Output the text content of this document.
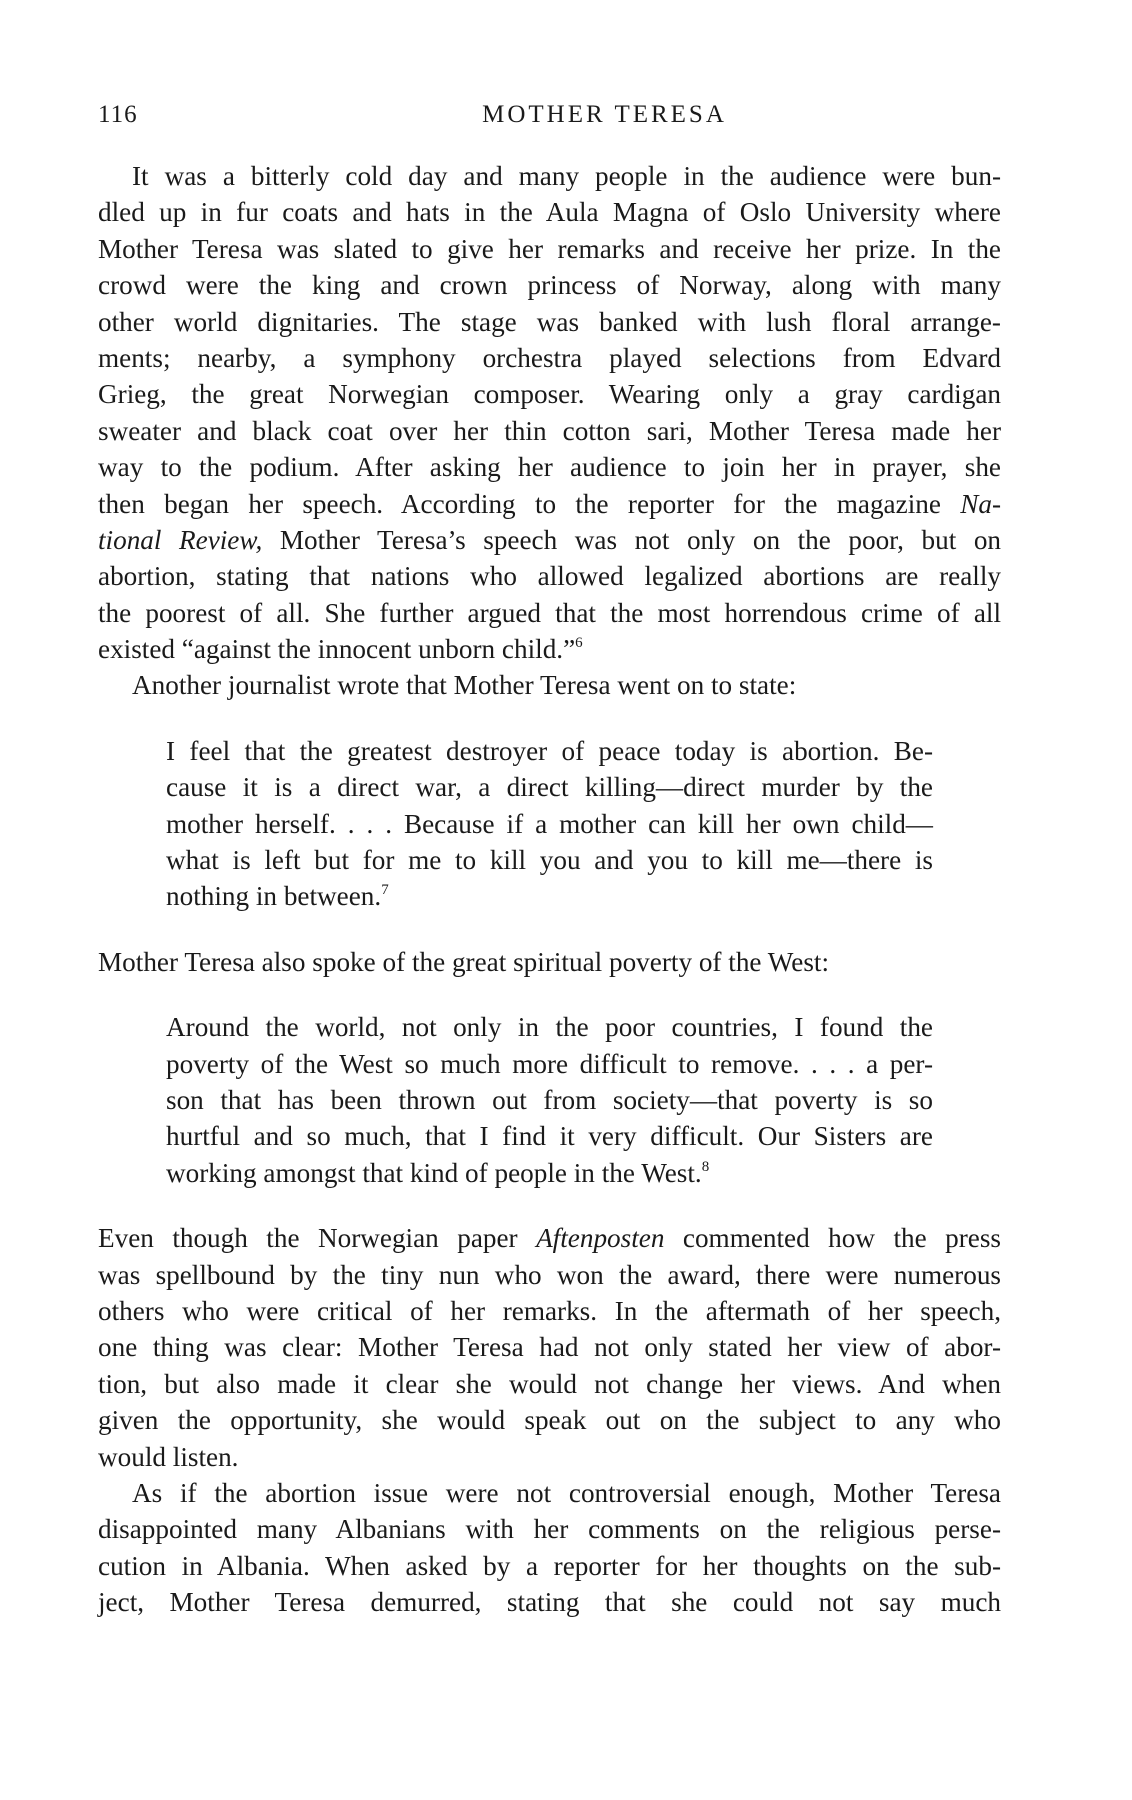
116	MOTHER TERESA
It was a bitterly cold day and many people in the audience were bun-
dled up in fur coats and hats in the Aula Magna of Oslo University where
Mother Teresa was slated to give her remarks and receive her prize. In the
crowd were the king and crown princess of Norway, along with many
other world dignitaries. The stage was banked with lush floral arrange-
ments; nearby, a symphony orchestra played selections from Edvard
Grieg, the great Norwegian composer. Wearing only a gray cardigan
sweater and black coat over her thin cotton sari, Mother Teresa made her
way to the podium. After asking her audience to join her in prayer, she
then began her speech. According to the reporter for the magazine Na-
tional Review, Mother Teresa’s speech was not only on the poor, but on
abortion, stating that nations who allowed legalized abortions are really
the poorest of all. She further argued that the most horrendous crime of all
existed “against the innocent unborn child.”$^6$
Another journalist wrote that Mother Teresa went on to state:
I feel that the greatest destroyer of peace today is abortion. Be-
cause it is a direct war, a direct killing—direct murder by the
mother herself. . . . Because if a mother can kill her own child—
what is left but for me to kill you and you to kill me—there is
nothing in between.$^7$
Mother Teresa also spoke of the great spiritual poverty of the West:
Around the world, not only in the poor countries, I found the
poverty of the West so much more difficult to remove. . . . a per-
son that has been thrown out from society—that poverty is so
hurtful and so much, that I find it very difficult. Our Sisters are
working amongst that kind of people in the West.$^8$
Even though the Norwegian paper Aftenposten commented how the press
was spellbound by the tiny nun who won the award, there were numerous
others who were critical of her remarks. In the aftermath of her speech,
one thing was clear: Mother Teresa had not only stated her view of abor-
tion, but also made it clear she would not change her views. And when
given the opportunity, she would speak out on the subject to any who
would listen.
As if the abortion issue were not controversial enough, Mother Teresa
disappointed many Albanians with her comments on the religious perse-
cution in Albania. When asked by a reporter for her thoughts on the sub-
ject, Mother Teresa demurred, stating that she could not say much
